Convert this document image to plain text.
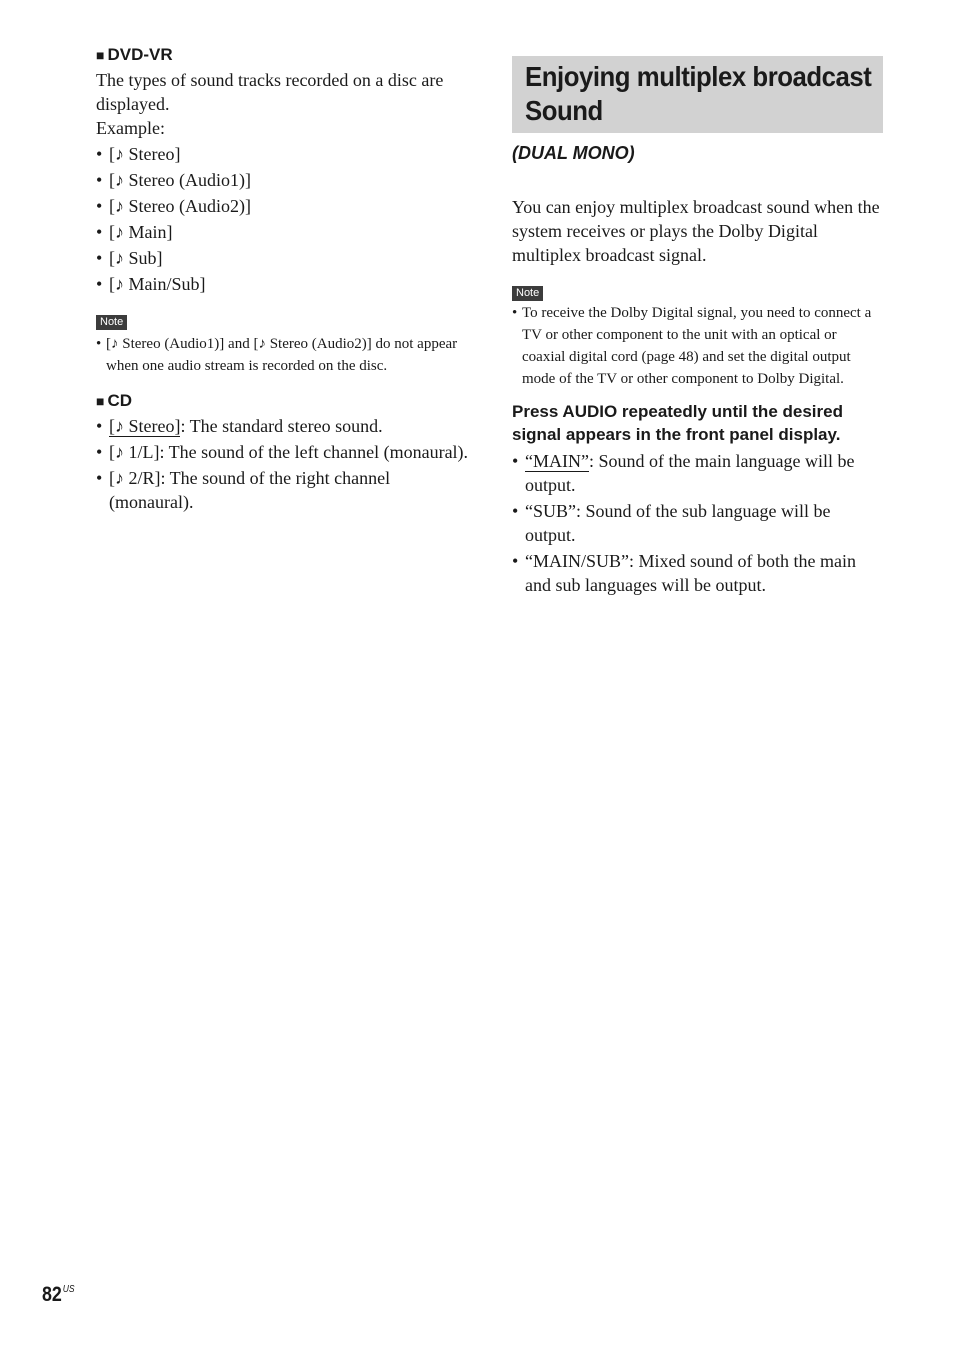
■ DVD-VR

The types of sound tracks recorded on a disc are displayed.

Example:

• [♪ Stereo]
• [♪ Stereo (Audio1)]
• [♪ Stereo (Audio2)]
• [♪ Main]
• [♪ Sub]
• [♪ Main/Sub]
Note
• [♪ Stereo (Audio1)] and [♪ Stereo (Audio2)] do not appear when one audio stream is recorded on the disc.

■ CD

• [♪ Stereo]: The standard stereo sound.
• [♪ 1/L]: The sound of the left channel (monaural).
• [♪ 2/R]: The sound of the right channel (monaural).
Enjoying multiplex broadcast Sound

(DUAL MONO)

You can enjoy multiplex broadcast sound when the system receives or plays the Dolby Digital multiplex broadcast signal.

Note
• To receive the Dolby Digital signal, you need to connect a TV or other component to the unit with an optical or coaxial digital cord (page 48) and set the digital output mode of the TV or other component to Dolby Digital.

Press AUDIO repeatedly until the desired signal appears in the front panel display.

• “MAIN”: Sound of the main language will be output.
• “SUB”: Sound of the sub language will be output.
• “MAIN/SUB”: Mixed sound of both the main and sub languages will be output.
$82^{US}$
